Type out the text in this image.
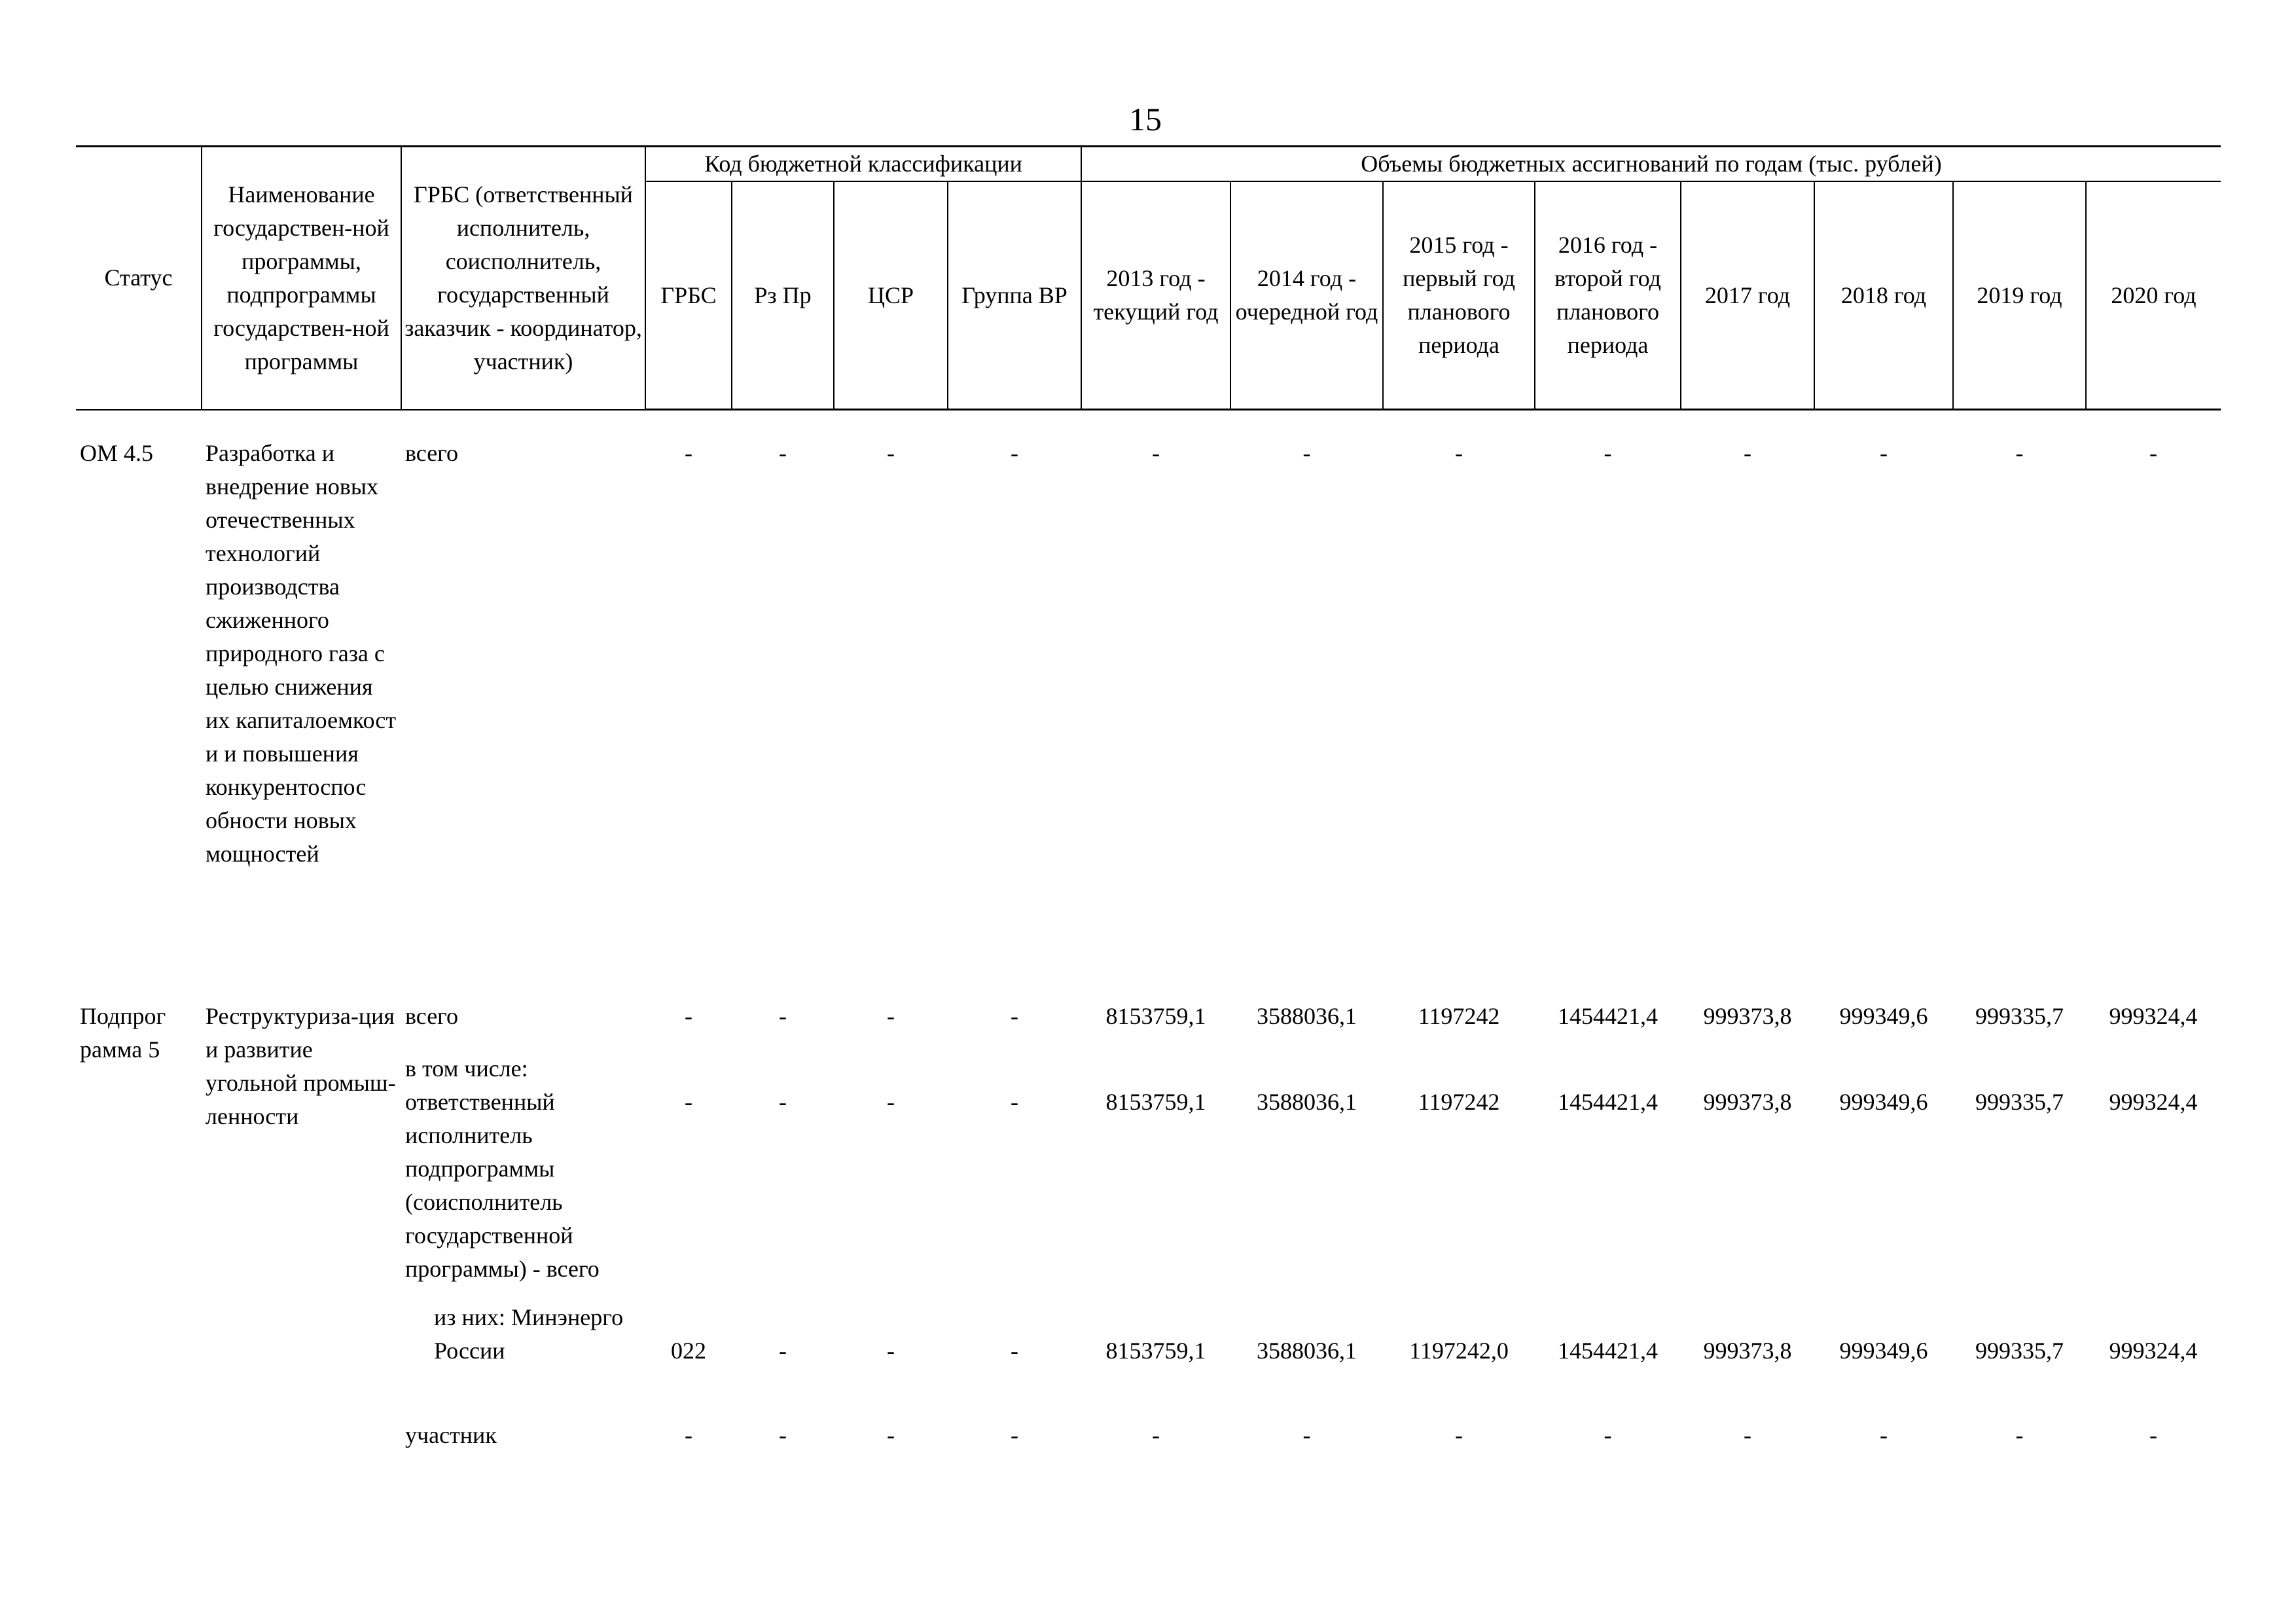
15
Статус	Наименование государствен-ной программы, подпрограммы государствен-ной программы	ГРБС (ответственный исполнитель, соисполнитель, государственный заказчик - координатор, участник)	Код бюджетной классификации				Объемы бюджетных ассигнований по годам (тыс. рублей)							
			ГРБС	Рз Пр	ЦСР	Группа ВР	2013 год - текущий год	2014 год - очередной год	2015 год - первый год планового периода	2016 год - второй год планового периода	2017 год	2018 год	2019 год	2020 год

ОМ 4.5	Разработка и внедрение новых отечественных технологий производства сжиженного природного газа с целью снижения их капиталоемкост и и повышения конкурентоспос обности новых мощностей	всего	-	-	-	-	-	-	-	-	-	-	-	-
Подпрог рамма 5	Реструктуриза-ция и развитие угольной промыш-ленности	всего	-	-	-	-	8153759,1	3588036,1	1197242	1454421,4	999373,8	999349,6	999335,7	999324,4
		в том числе: ответственный исполнитель подпрограммы (соисполнитель государственной программы) - всего	-	-	-	-	8153759,1	3588036,1	1197242	1454421,4	999373,8	999349,6	999335,7	999324,4
		из них: Минэнерго России	022	-	-	-	8153759,1	3588036,1	1197242,0	1454421,4	999373,8	999349,6	999335,7	999324,4
		участник	-	-	-	-	-	-	-	-	-	-	-	-
